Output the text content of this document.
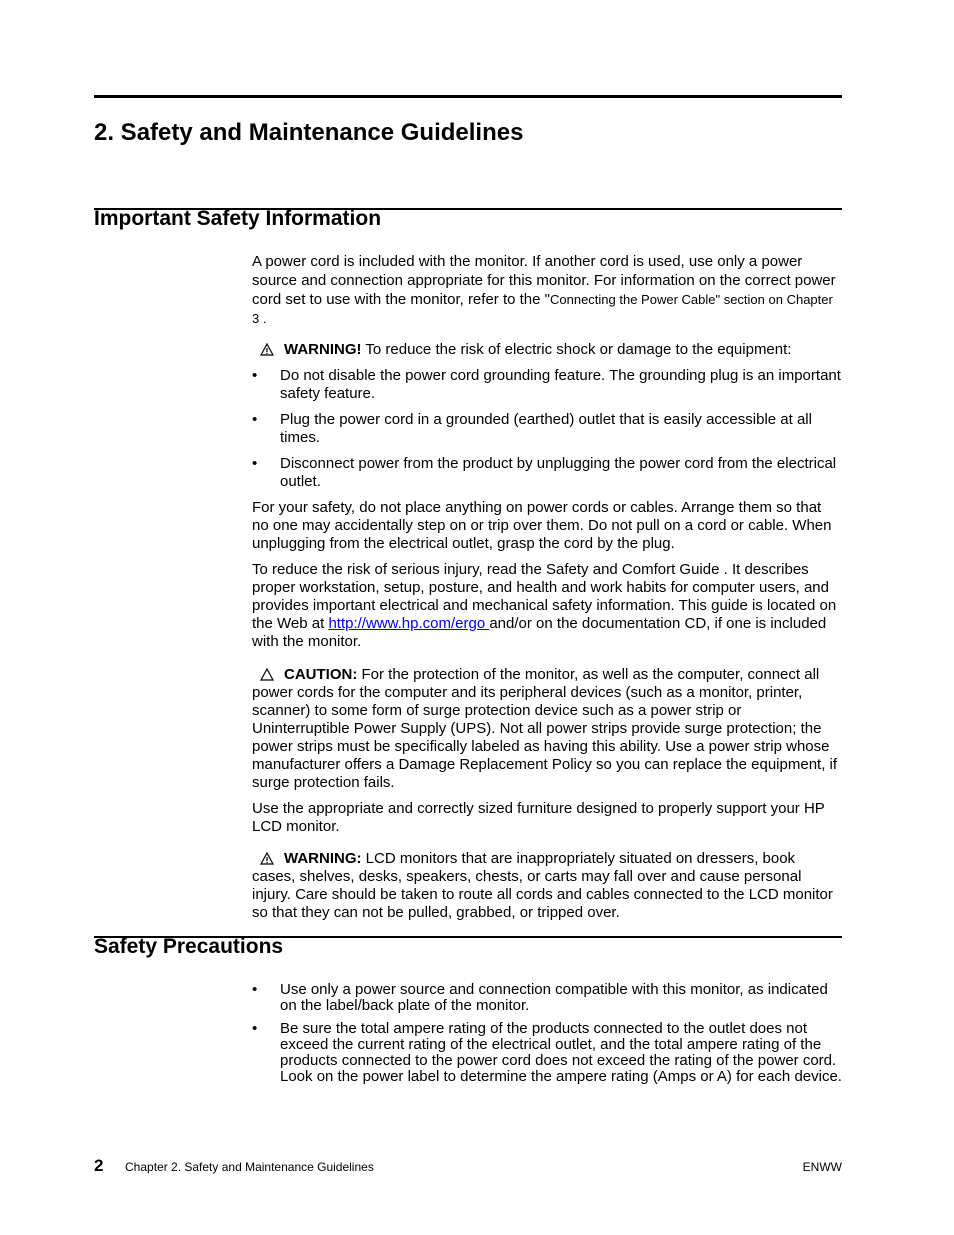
2. Safety and Maintenance Guidelines
Important Safety Information

A power cord is included with the monitor. If another cord is used, use only a power source and connection appropriate for this monitor. For information on the correct power cord set to use with the monitor, refer to the "Connecting the Power Cable" section on Chapter 3 .

WARNING! To reduce the risk of electric shock or damage to the equipment:

• Do not disable the power cord grounding feature. The grounding plug is an important safety feature.
• Plug the power cord in a grounded (earthed) outlet that is easily accessible at all times.
• Disconnect power from the product by unplugging the power cord from the electrical outlet.

For your safety, do not place anything on power cords or cables. Arrange them so that no one may accidentally step on or trip over them. Do not pull on a cord or cable. When unplugging from the electrical outlet, grasp the cord by the plug.

To reduce the risk of serious injury, read the Safety and Comfort Guide . It describes proper workstation, setup, posture, and health and work habits for computer users, and provides important electrical and mechanical safety information. This guide is located on the Web at http://www.hp.com/ergo and/or on the documentation CD, if one is included with the monitor.

CAUTION: For the protection of the monitor, as well as the computer, connect all power cords for the computer and its peripheral devices (such as a monitor, printer, scanner) to some form of surge protection device such as a power strip or Uninterruptible Power Supply (UPS). Not all power strips provide surge protection; the power strips must be specifically labeled as having this ability. Use a power strip whose manufacturer offers a Damage Replacement Policy so you can replace the equipment, if surge protection fails.

Use the appropriate and correctly sized furniture designed to properly support your HP LCD monitor.

WARNING: LCD monitors that are inappropriately situated on dressers, book cases, shelves, desks, speakers, chests, or carts may fall over and cause personal injury. Care should be taken to route all cords and cables connected to the LCD monitor so that they can not be pulled, grabbed, or tripped over.

Safety Precautions
• Use only a power source and connection compatible with this monitor, as indicated on the label/back plate of the monitor.
• Be sure the total ampere rating of the products connected to the outlet does not exceed the current rating of the electrical outlet, and the total ampere rating of the products connected to the power cord does not exceed the rating of the power cord. Look on the power label to determine the ampere rating (Amps or A) for each device.
2 Chapter 2. Safety and Maintenance Guidelines	ENWW
